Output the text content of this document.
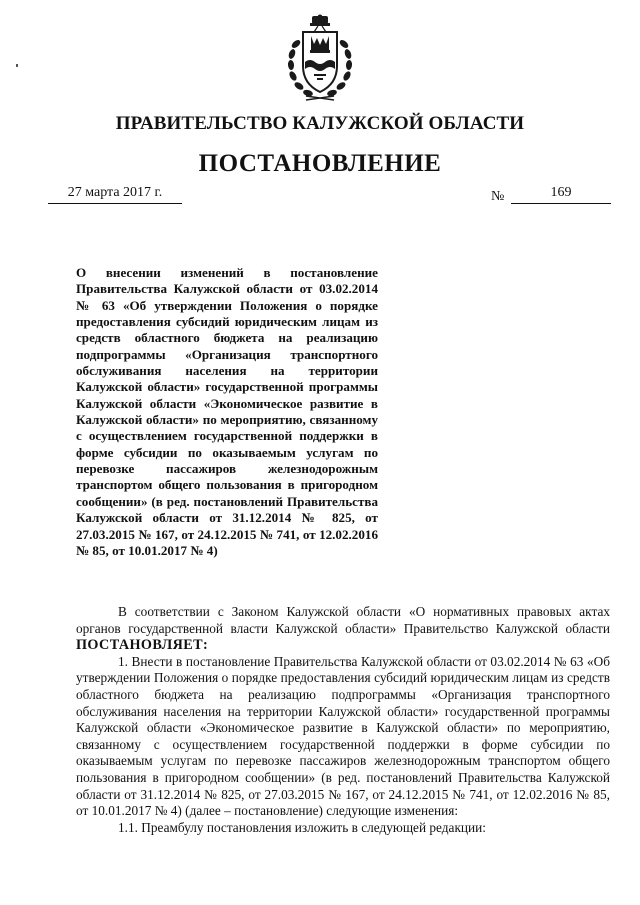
ПРАВИТЕЛЬСТВО КАЛУЖСКОЙ ОБЛАСТИ
ПОСТАНОВЛЕНИЕ
27 марта 2017 г.	№	169
О внесении изменений в постановление Правительства Калужской области от 03.02.2014 № 63 «Об утверждении Положения о порядке предоставления субсидий юридическим лицам из средств областного бюджета на реализацию подпрограммы «Организация транспортного обслуживания населения на территории Калужской области» государственной программы Калужской области «Экономическое развитие в Калужской области» по мероприятию, связанному с осуществлением государственной поддержки в форме субсидии по оказываемым услугам по перевозке пассажиров железнодорожным транспортом общего пользования в пригородном сообщении» (в ред. постановлений Правительства Калужской области от 31.12.2014 № 825, от 27.03.2015 № 167, от 24.12.2015 № 741, от 12.02.2016 № 85, от 10.01.2017 № 4)

В соответствии с Законом Калужской области «О нормативных правовых актах органов государственной власти Калужской области» Правительство Калужской области ПОСТАНОВЛЯЕТ:

1. Внести в постановление Правительства Калужской области от 03.02.2014 № 63 «Об утверждении Положения о порядке предоставления субсидий юридическим лицам из средств областного бюджета на реализацию подпрограммы «Организация транспортного обслуживания населения на территории Калужской области» государственной программы Калужской области «Экономическое развитие в Калужской области» по мероприятию, связанному с осуществлением государственной поддержки в форме субсидии по оказываемым услугам по перевозке пассажиров железнодорожным транспортом общего пользования в пригородном сообщении» (в ред. постановлений Правительства Калужской области от 31.12.2014 № 825, от 27.03.2015 № 167, от 24.12.2015 № 741, от 12.02.2016 № 85, от 10.01.2017 № 4) (далее – постановление) следующие изменения:

1.1. Преамбулу постановления изложить в следующей редакции:
